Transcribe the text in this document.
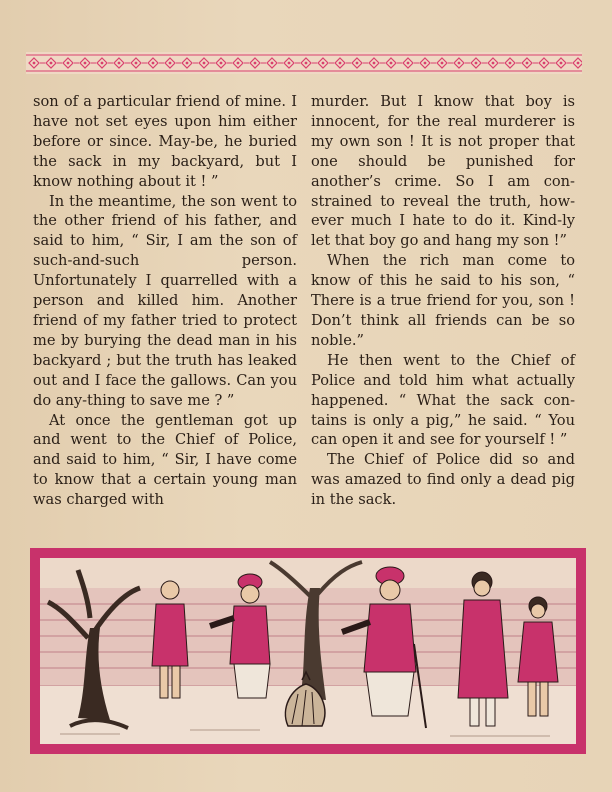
son of a particular friend of mine. I have not set eyes upon him either before or since. May-be, he buried the sack in my backyard, but I know nothing about it ! ”

In the meantime, the son went to the other friend of his father, and said to him, “ Sir, I am the son of such-and-such person. Unfortunately I quarrelled with a person and killed him. Another friend of my father tried to protect me by burying the dead man in his backyard ; but the truth has leaked out and I face the gallows. Can you do any-thing to save me ? ”

At once the gentleman got up and went to the Chief of Police, and said to him, “ Sir, I have come to know that a certain young man was charged with

murder. But I know that boy is innocent, for the real murderer is my own son ! It is not proper that one should be punished for another’s crime. So I am con-strained to reveal the truth, how-ever much I hate to do it. Kind-ly let that boy go and hang my son !”

When the rich man come to know of this he said to his son, “ There is a true friend for you, son ! Don’t think all friends can be so noble.”

He then went to the Chief of Police and told him what actually happened. “ What the sack con-tains is only a pig,” he said. “ You can open it and see for yourself ! ”

The Chief of Police did so and was amazed to find only a dead pig in the sack.
